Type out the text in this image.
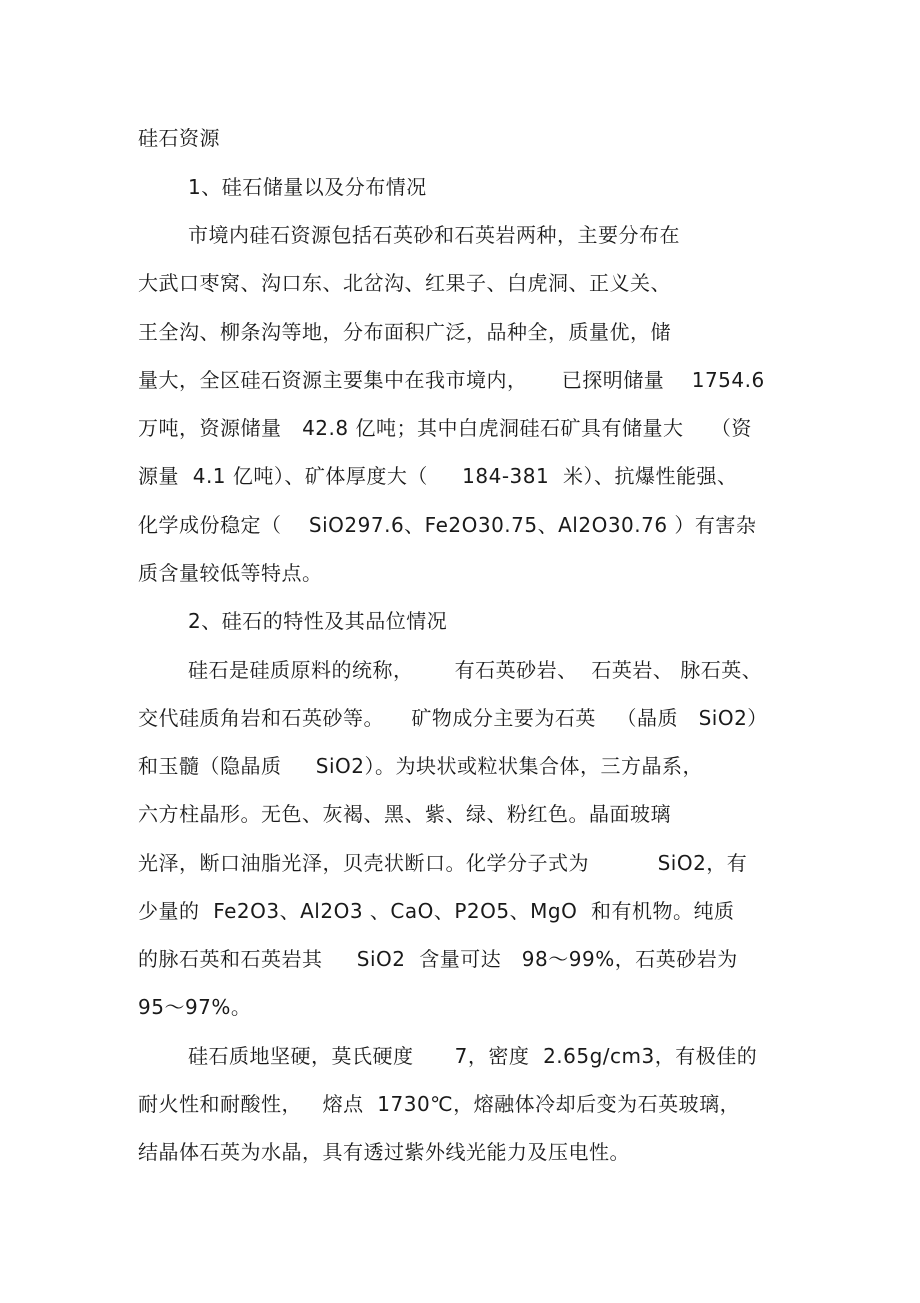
硅石资源
1、硅石储量以及分布情况
市境内硅石资源包括石英砂和石英岩两种，主要分布在
大武口枣窝、沟口东、北岔沟、红果子、白虎洞、正义关、
王全沟、柳条沟等地，分布面积广泛，品种全，质量优，储
量大，全区硅石资源主要集中在我市境内，     已探明储量    1754.6
万吨，资源储量   42.8 亿吨；其中白虎洞硅石矿具有储量大    （资
源量  4.1 亿吨）、矿体厚度大（     184-381  米）、抗爆性能强、
化学成份稳定（    SiO297.6、Fe2O30.75、Al2O30.76 ）有害杂
质含量较低等特点。
2、硅石的特性及其品位情况
硅石是硅质原料的统称，      有石英砂岩、  石英岩、 脉石英、
交代硅质角岩和石英砂等。    矿物成分主要为石英   （晶质   SiO2）
和玉髓（隐晶质     SiO2）。为块状或粒状集合体，三方晶系，
六方柱晶形。无色、灰褐、黑、紫、绿、粉红色。晶面玻璃
光泽，断口油脂光泽，贝壳状断口。化学分子式为          SiO2，有
少量的  Fe2O3、Al2O3 、CaO、P2O5、MgO  和有机物。纯质
的脉石英和石英岩其     SiO2  含量可达   98～99%，石英砂岩为
95～97%。
硅石质地坚硬，莫氏硬度      7，密度  2.65g/cm3，有极佳的
耐火性和耐酸性，   熔点  1730℃，熔融体冷却后变为石英玻璃，
结晶体石英为水晶，具有透过紫外线光能力及压电性。
